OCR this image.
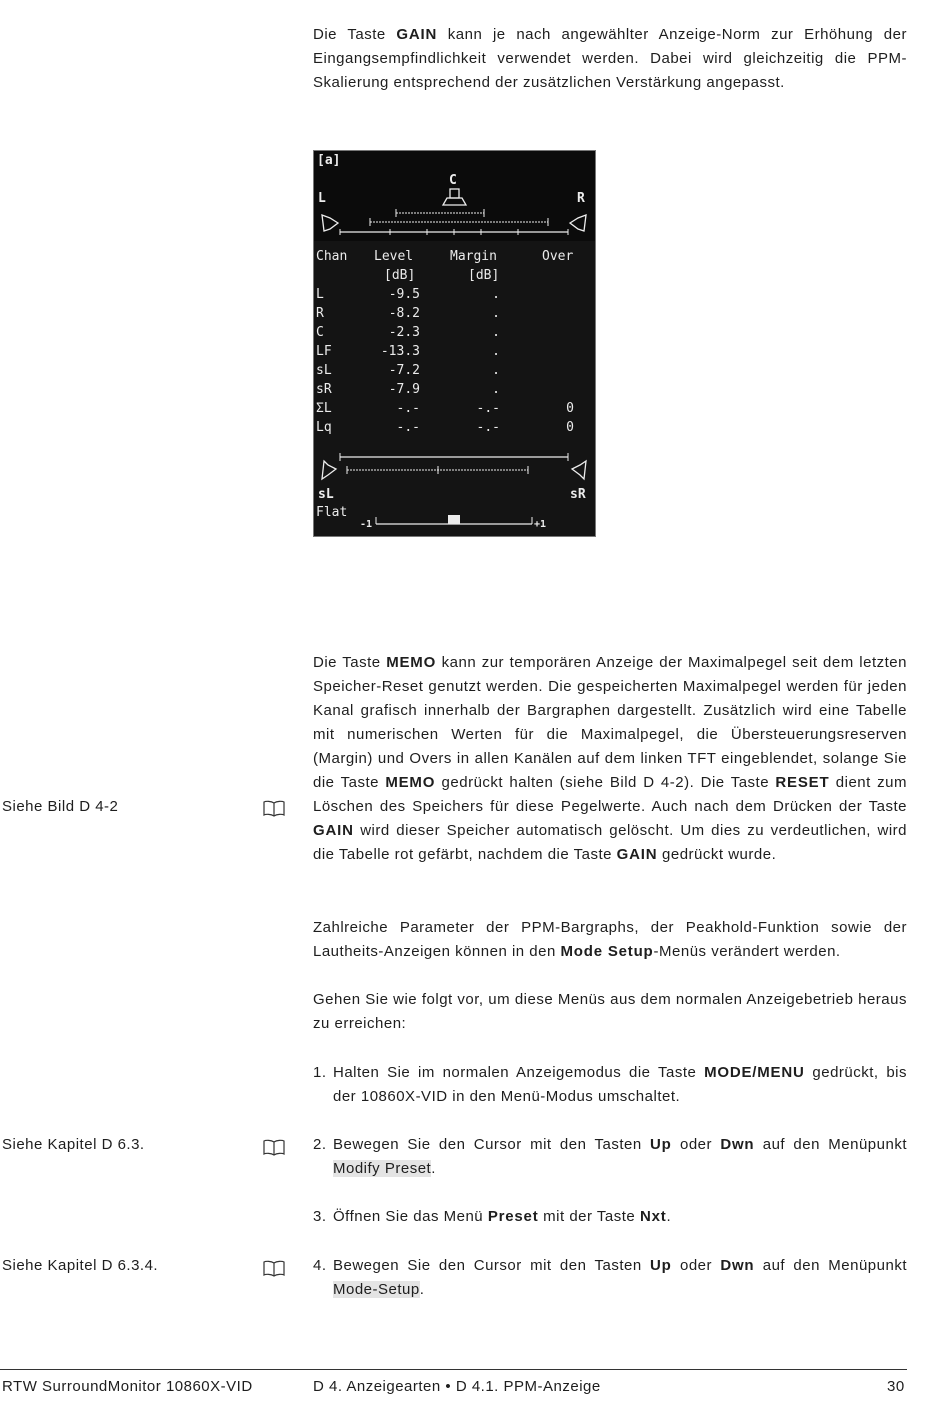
Die Taste GAIN kann je nach angewählter Anzeige-Norm zur Erhöhung der Eingangsempfindlichkeit verwendet werden. Dabei wird gleichzeitig die PPM-Skalierung entsprechend der zusätzlichen Verstärkung angepasst.

[a]
C
L	R
Chan Level	Margin	Over
[dB]	[dB]
L	-9.5	.
R	-8.2	.
C	-2.3	.
LF	-13.3	.
sL	-7.2	.
sR	-7.9	.
ΣL	-.-	-.-	0
Lq	-.-	-.-	0
sL	sR
Flat
-1	+1

Die Taste MEMO kann zur temporären Anzeige der Maximalpegel seit dem letzten Speicher-Reset genutzt werden. Die gespeicherten Maximalpegel werden für jeden Kanal grafisch innerhalb der Bargraphen dargestellt. Zusätzlich wird eine Tabelle mit numerischen Werten für die Maximalpegel, die Übersteuerungsreserven (Margin) und Overs in allen Kanälen auf dem linken TFT eingeblendet, solange Sie die Taste MEMO gedrückt halten (siehe Bild D 4-2). Die Taste RESET dient zum Löschen des Speichers für diese Pegelwerte. Auch nach dem Drücken der Taste GAIN wird dieser Speicher automatisch gelöscht. Um dies zu verdeutlichen, wird die Tabelle rot gefärbt, nachdem die Taste GAIN gedrückt wurde.

Zahlreiche Parameter der PPM-Bargraphs, der Peakhold-Funktion sowie der Lautheits-Anzeigen können in den Mode Setup-Menüs verändert werden.

Gehen Sie wie folgt vor, um diese Menüs aus dem normalen Anzeigebetrieb heraus zu erreichen:

1. Halten Sie im normalen Anzeigemodus die Taste MODE/MENU gedrückt, bis der 10860X-VID in den Menü-Modus umschaltet.
2. Bewegen Sie den Cursor mit den Tasten Up oder Dwn auf den Menüpunkt Modify Preset.
3. Öffnen Sie das Menü Preset mit der Taste Nxt.
4. Bewegen Sie den Cursor mit den Tasten Up oder Dwn auf den Menüpunkt Mode-Setup.
Siehe Bild D 4-2
Siehe Kapitel D 6.3.
Siehe Kapitel D 6.3.4.
RTW SurroundMonitor 10860X-VID	D 4. Anzeigearten • D 4.1. PPM-Anzeige	30
